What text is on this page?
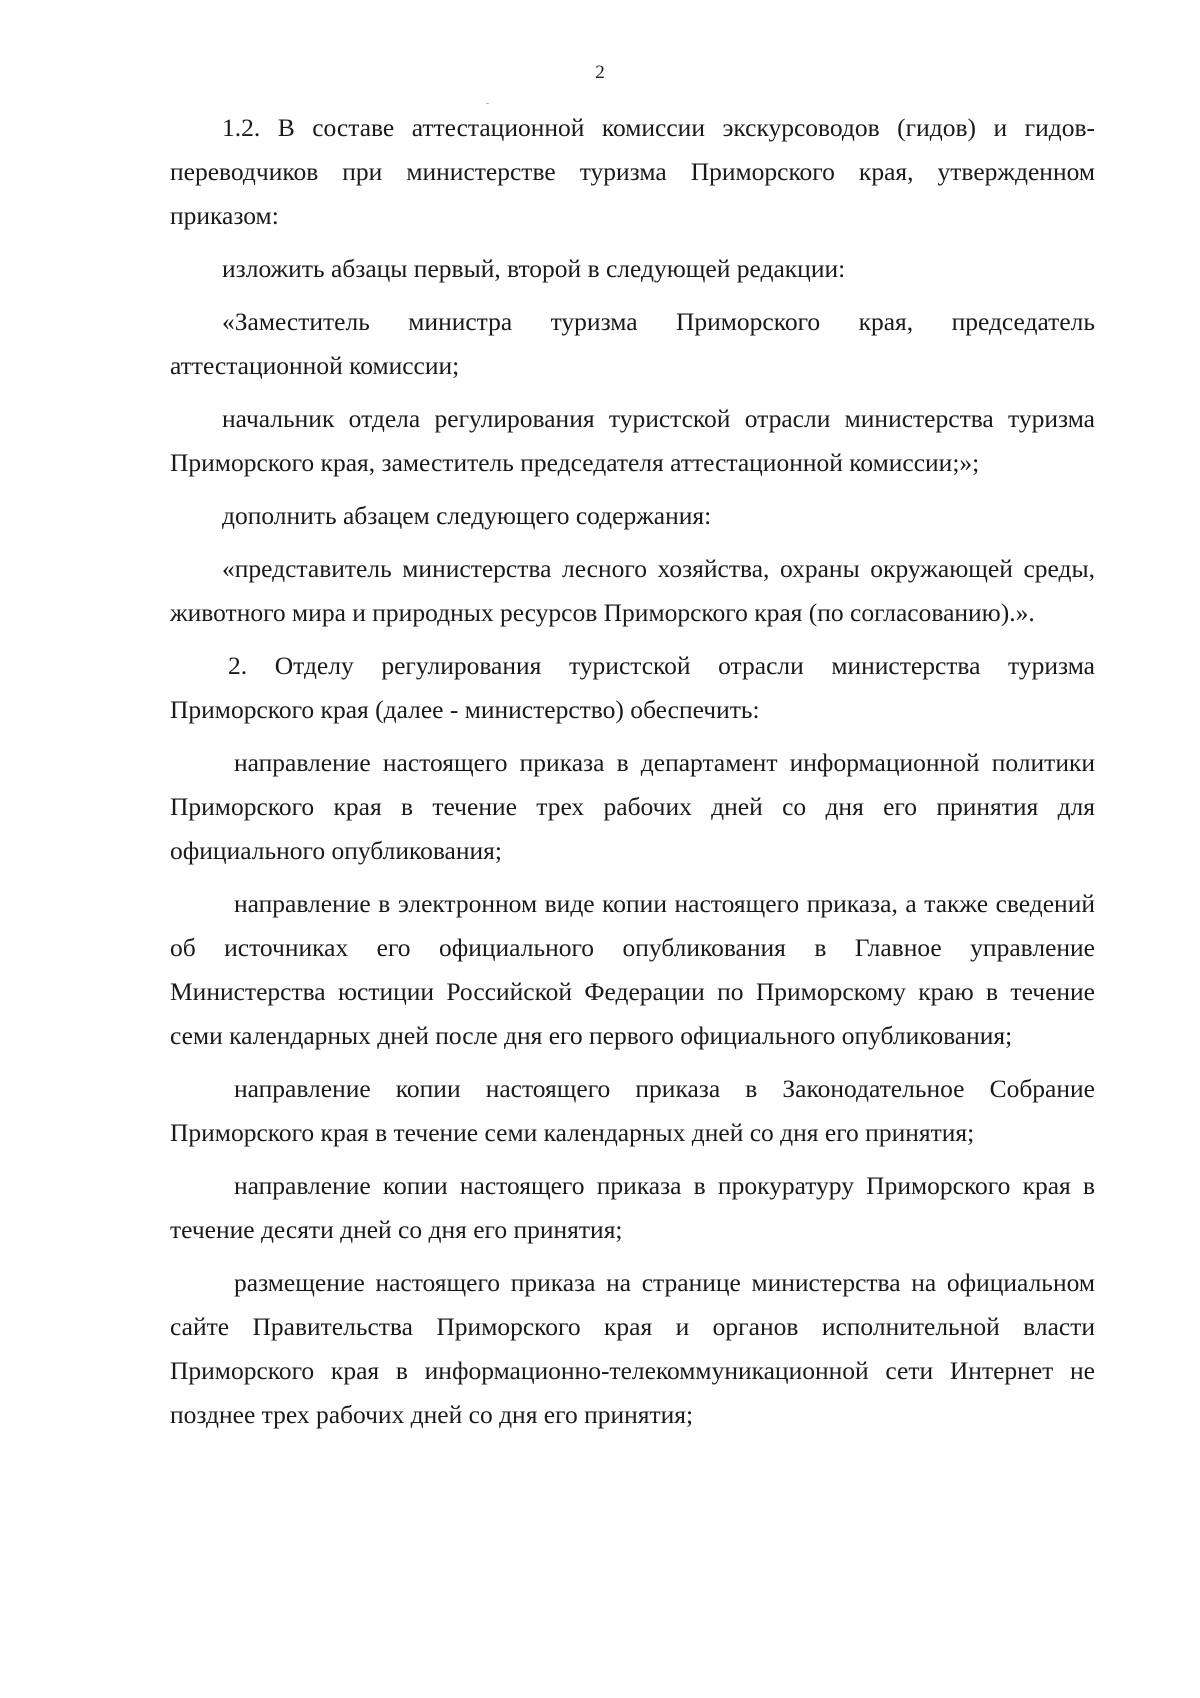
2

1.2. В составе аттестационной комиссии экскурсоводов (гидов) и гидов-переводчиков при министерстве туризма Приморского края, утвержденном приказом:

изложить абзацы первый, второй в следующей редакции:

«Заместитель министра туризма Приморского края, председатель аттестационной комиссии;

начальник отдела регулирования туристской отрасли министерства туризма Приморского края, заместитель председателя аттестационной комиссии;»;

дополнить абзацем следующего содержания:

«представитель министерства лесного хозяйства, охраны окружающей среды, животного мира и природных ресурсов Приморского края (по согласованию).».

2. Отделу регулирования туристской отрасли министерства туризма Приморского края (далее - министерство) обеспечить:

направление настоящего приказа в департамент информационной политики Приморского края в течение трех рабочих дней со дня его принятия для официального опубликования;

направление в электронном виде копии настоящего приказа, а также сведений об источниках его официального опубликования в Главное управление Министерства юстиции Российской Федерации по Приморскому краю в течение семи календарных дней после дня его первого официального опубликования;

направление копии настоящего приказа в Законодательное Собрание Приморского края в течение семи календарных дней со дня его принятия;

направление копии настоящего приказа в прокуратуру Приморского края в течение десяти дней со дня его принятия;

размещение настоящего приказа на странице министерства на официальном сайте Правительства Приморского края и органов исполнительной власти Приморского края в информационно-телекоммуникационной сети Интернет не позднее трех рабочих дней со дня его принятия;
